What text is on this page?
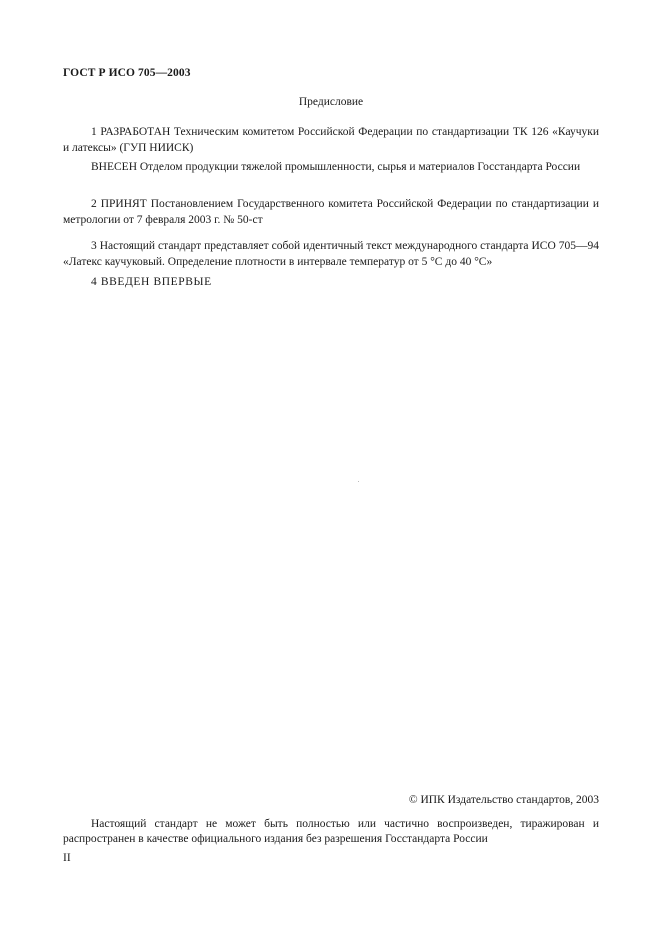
ГОСТ Р ИСО 705—2003
Предисловие

1 РАЗРАБОТАН Техническим комитетом Российской Федерации по стандартизации ТК 126 «Каучуки и латексы» (ГУП НИИСК)

ВНЕСЕН Отделом продукции тяжелой промышленности, сырья и материалов Госстандарта России

2 ПРИНЯТ Постановлением Государственного комитета Российской Федерации по стандартизации и метрологии от 7 февраля 2003 г. № 50-ст

3 Настоящий стандарт представляет собой идентичный текст международного стандарта ИСО 705—94 «Латекс каучуковый. Определение плотности в интервале температур от 5 °С до 40 °С»

4 ВВЕДЕН ВПЕРВЫЕ

© ИПК Издательство стандартов, 2003

Настоящий стандарт не может быть полностью или частично воспроизведен, тиражирован и распространен в качестве официального издания без разрешения Госстандарта России

II
